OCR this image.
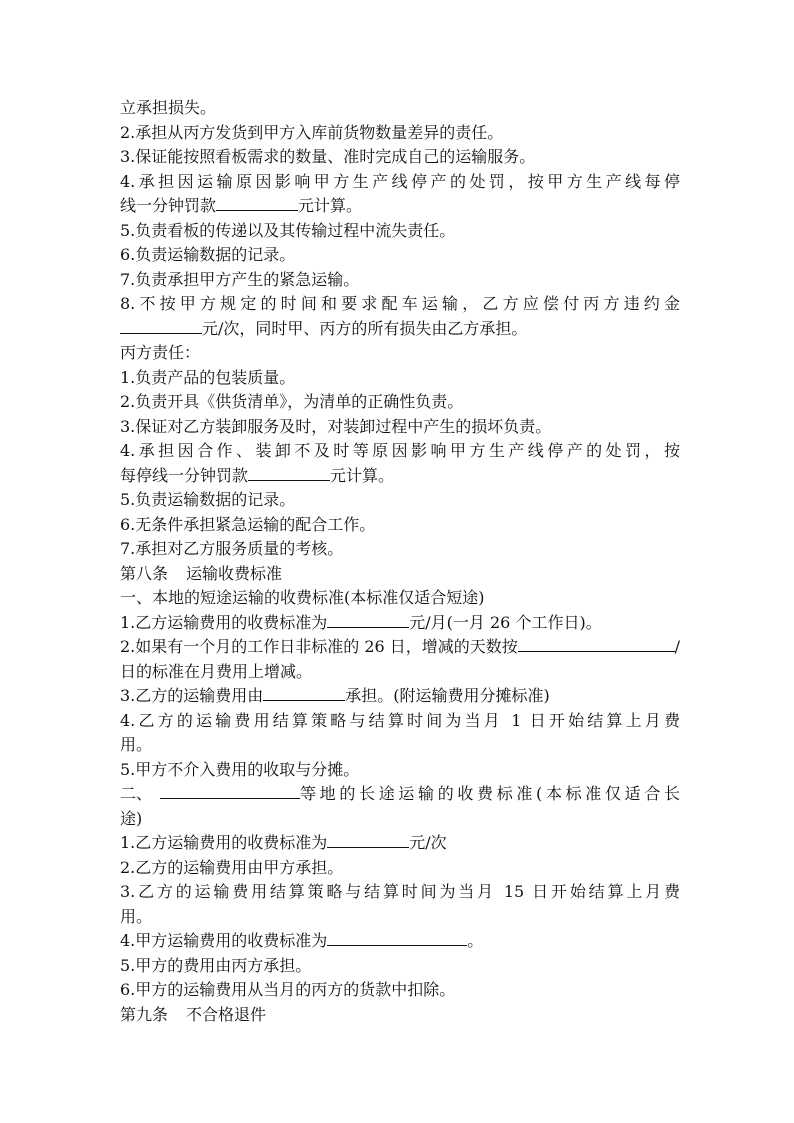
立承担损失。
2.承担从丙方发货到甲方入库前货物数量差异的责任。
3.保证能按照看板需求的数量、准时完成自己的运输服务。
4.承担因运输原因影响甲方生产线停产的处罚，按甲方生产线每停
线一分钟罚款	元计算。
5.负责看板的传递以及其传输过程中流失责任。
6.负责运输数据的记录。
7.负责承担甲方产生的紧急运输。
8.不按甲方规定的时间和要求配车运输，乙方应偿付丙方违约金
元/次，同时甲、丙方的所有损失由乙方承担。
丙方责任：
1.负责产品的包装质量。
2.负责开具《供货清单》，为清单的正确性负责。
3.保证对乙方装卸服务及时，对装卸过程中产生的损坏负责。
4.承担因合作、装卸不及时等原因影响甲方生产线停产的处罚，按
每停线一分钟罚款	元计算。
5.负责运输数据的记录。
6.无条件承担紧急运输的配合工作。
7.承担对乙方服务质量的考核。
第八条 运输收费标准
一、本地的短途运输的收费标准(本标准仅适合短途)
1.乙方运输费用的收费标准为	元/月(一月 26 个工作日)。
2.如果有一个月的工作日非标准的 26 日，增减的天数按	/
日的标准在月费用上增减。
3.乙方的运输费用由	承担。(附运输费用分摊标准)
4.乙方的运输费用结算策略与结算时间为当月 1 日开始结算上月费
用。
5.甲方不介入费用的收取与分摊。
二、	等地的长途运输的收费标准(本标准仅适合长
途)
1.乙方运输费用的收费标准为	元/次
2.乙方的运输费用由甲方承担。
3.乙方的运输费用结算策略与结算时间为当月 15 日开始结算上月费
用。
4.甲方运输费用的收费标准为	。
5.甲方的费用由丙方承担。
6.甲方的运输费用从当月的丙方的货款中扣除。
第九条 不合格退件
